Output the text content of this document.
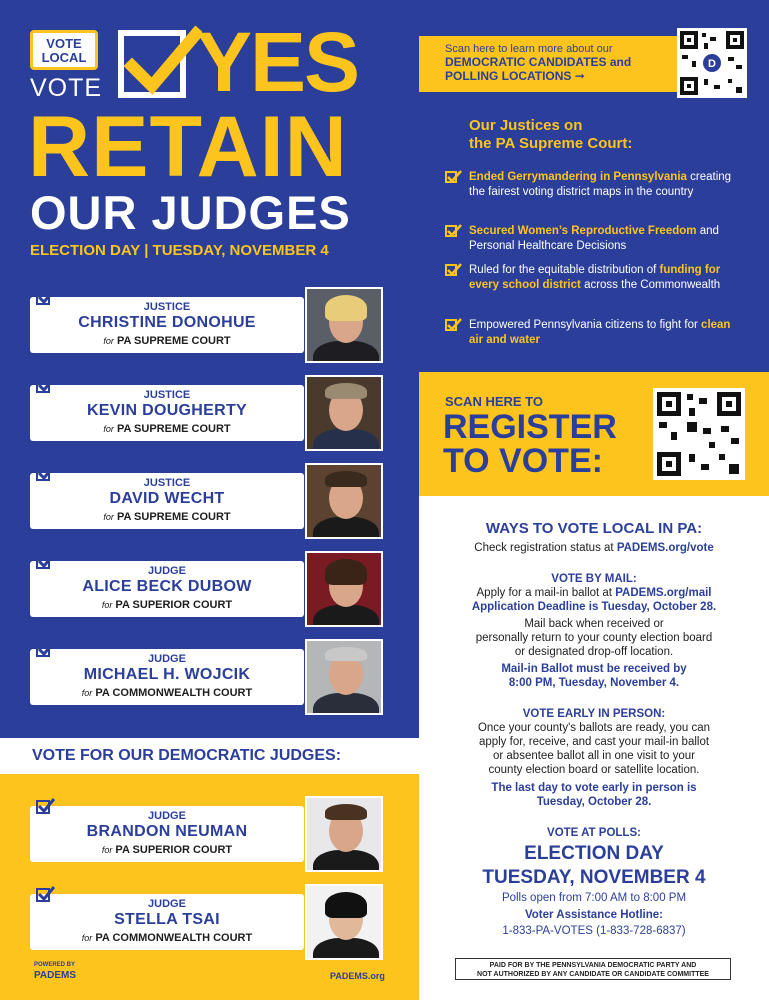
VOTE
LOCAL
VOTE YES
RETAIN
OUR JUDGES
ELECTION DAY | TUESDAY, NOVEMBER 4
JUSTICE
CHRISTINE DONOHUE
for PA SUPREME COURT
JUSTICE
KEVIN DOUGHERTY
for PA SUPREME COURT
JUSTICE
DAVID WECHT
for PA SUPREME COURT
JUDGE
ALICE BECK DUBOW
for PA SUPERIOR COURT
JUDGE
MICHAEL H. WOJCIK
for PA COMMONWEALTH COURT
VOTE FOR OUR DEMOCRATIC JUDGES:
JUDGE
BRANDON NEUMAN
for PA SUPERIOR COURT
JUDGE
STELLA TSAI
for PA COMMONWEALTH COURT
POWERED BY
PADEMS	PADEMS.org
Scan here to learn more about our
DEMOCRATIC CANDIDATES and
POLLING LOCATIONS ➞
D
Our Justices on
the PA Supreme Court:
Ended Gerrymandering in Pennsylvania creating the fairest voting district maps in the country
Secured Women’s Reproductive Freedom and Personal Healthcare Decisions
Ruled for the equitable distribution of funding for every school district across the Commonwealth
Empowered Pennsylvania citizens to fight for clean air and water
SCAN HERE TO
REGISTER
TO VOTE:
WAYS TO VOTE LOCAL IN PA:
Check registration status at PADEMS.org/vote
VOTE BY MAIL:
Apply for a mail-in ballot at PADEMS.org/mail
Application Deadline is Tuesday, October 28.
Mail back when received or
personally return to your county election board
or designated drop-off location.
Mail-in Ballot must be received by
8:00 PM, Tuesday, November 4.
VOTE EARLY IN PERSON:
Once your county's ballots are ready, you can
apply for, receive, and cast your mail-in ballot
or absentee ballot all in one visit to your
county election board or satellite location.
The last day to vote early in person is
Tuesday, October 28.
VOTE AT POLLS:
ELECTION DAY
TUESDAY, NOVEMBER 4
Polls open from 7:00 AM to 8:00 PM
Voter Assistance Hotline:
1-833-PA-VOTES (1-833-728-6837)
PAID FOR BY THE PENNSYLVANIA DEMOCRATIC PARTY AND
NOT AUTHORIZED BY ANY CANDIDATE OR CANDIDATE COMMITTEE
